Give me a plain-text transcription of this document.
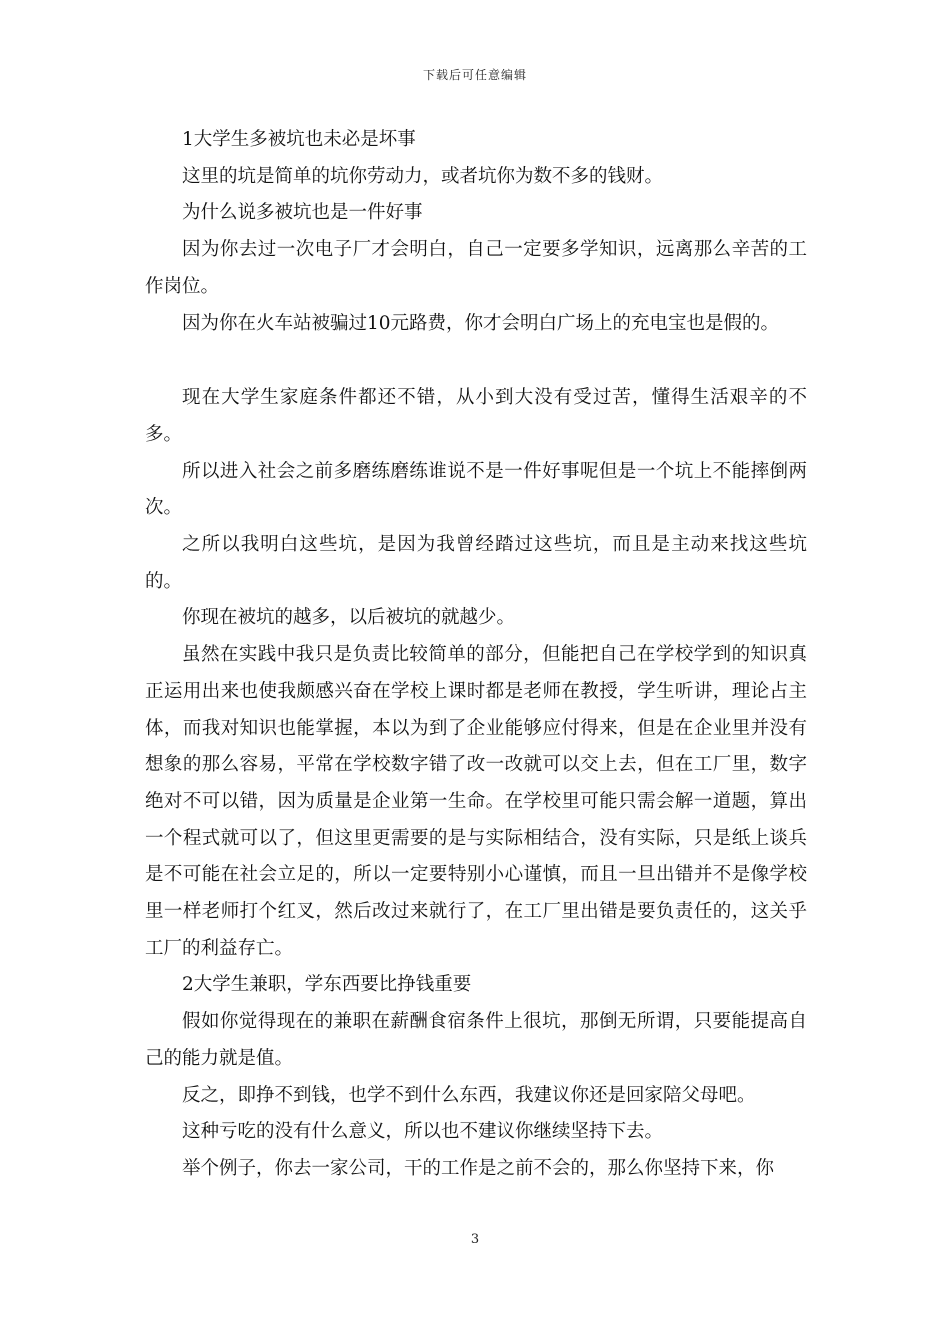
下载后可任意编辑

1大学生多被坑也未必是坏事

这里的坑是简单的坑你劳动力，或者坑你为数不多的钱财。

为什么说多被坑也是一件好事

因为你去过一次电子厂才会明白，自己一定要多学知识，远离那么辛苦的工作岗位。

因为你在火车站被骗过10元路费，你才会明白广场上的充电宝也是假的。

现在大学生家庭条件都还不错，从小到大没有受过苦，懂得生活艰辛的不多。

所以进入社会之前多磨练磨练谁说不是一件好事呢但是一个坑上不能摔倒两次。

之所以我明白这些坑，是因为我曾经踏过这些坑，而且是主动来找这些坑的。

你现在被坑的越多，以后被坑的就越少。

虽然在实践中我只是负责比较简单的部分，但能把自己在学校学到的知识真正运用出来也使我颇感兴奋在学校上课时都是老师在教授，学生听讲，理论占主体，而我对知识也能掌握，本以为到了企业能够应付得来，但是在企业里并没有想象的那么容易，平常在学校数字错了改一改就可以交上去，但在工厂里，数字绝对不可以错，因为质量是企业第一生命。在学校里可能只需会解一道题，算出一个程式就可以了，但这里更需要的是与实际相结合，没有实际，只是纸上谈兵是不可能在社会立足的，所以一定要特别小心谨慎，而且一旦出错并不是像学校里一样老师打个红叉，然后改过来就行了，在工厂里出错是要负责任的，这关乎工厂的利益存亡。

2大学生兼职，学东西要比挣钱重要

假如你觉得现在的兼职在薪酬食宿条件上很坑，那倒无所谓，只要能提高自己的能力就是值。

反之，即挣不到钱，也学不到什么东西，我建议你还是回家陪父母吧。

这种亏吃的没有什么意义，所以也不建议你继续坚持下去。

举个例子，你去一家公司，干的工作是之前不会的，那么你坚持下来，你

3
